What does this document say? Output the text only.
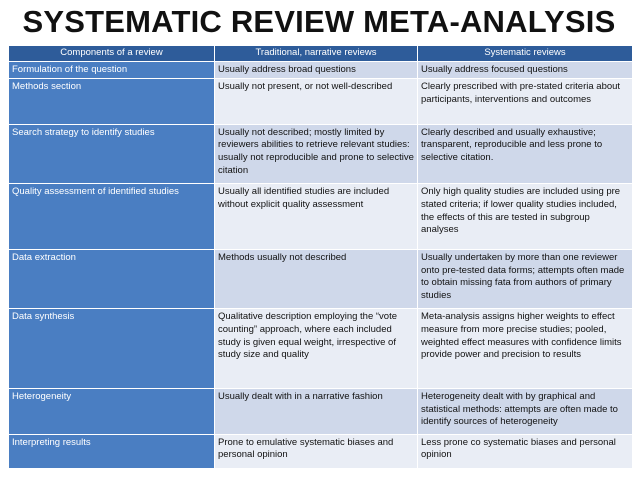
SYSTEMATIC REVIEW META-ANALYSIS
Components of a review	Traditional, narrative reviews	Systematic reviews
Formulation of the question	Usually address broad questions	Usually address focused questions
Methods section	Usually not present, or not well-described	Clearly prescribed with pre-stated criteria about participants, interventions and outcomes
Search strategy to identify studies	Usually not described; mostly limited by reviewers abilities to retrieve relevant studies: usually not reproducible and prone to selective citation	Clearly described and usually exhaustive; transparent, reproducible and less prone to selective citation.
Quality assessment of identified studies	Usually all identified studies are included without explicit quality assessment	Only high quality studies are included using pre stated criteria; if lower quality studies included, the effects of this are tested in subgroup analyses
Data extraction	Methods usually not described	Usually undertaken by more than one reviewer onto pre-tested data forms; attempts often made to obtain missing fata from authors of primary studies
Data synthesis	Qualitative description employing the “vote counting” approach, where each included study is given equal weight, irrespective of study size and quality	Meta-analysis assigns higher weights to effect measure from more precise studies; pooled, weighted effect measures with confidence limits provide power and precision to results
Heterogeneity	Usually dealt with in a narrative fashion	Heterogeneity dealt with by graphical and statistical methods: attempts are often made to identify sources of heterogeneity
Interpreting results	Prone to emulative systematic biases and personal opinion	Less prone co systematic biases and personal opinion
